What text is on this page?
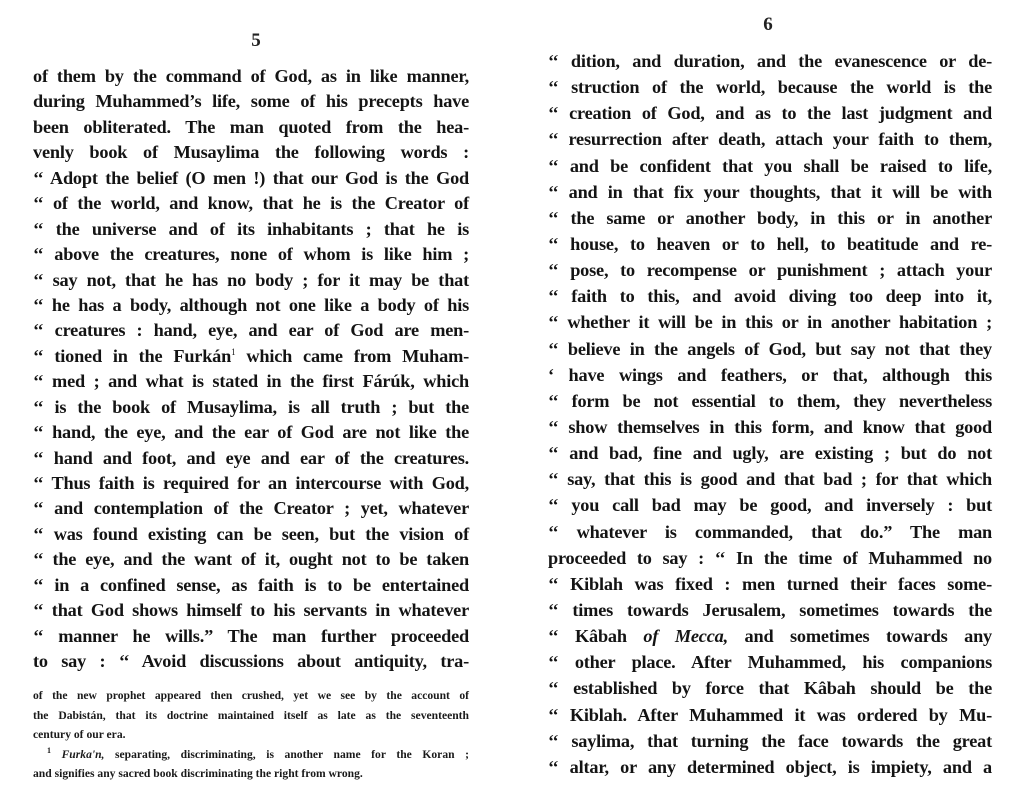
5
of them by the command of God, as in like manner,
during Muhammed’s life, some of his precepts have
been obliterated. The man quoted from the hea-
venly book of Musaylima the following words :
‘‘ Adopt the belief (O men !) that our God is the God
‘‘ of the world, and know, that he is the Creator of
‘‘ the universe and of its inhabitants ; that he is
‘‘ above the creatures, none of whom is like him ;
‘‘ say not, that he has no body ; for it may be that
‘‘ he has a body, although not one like a body of his
‘‘ creatures : hand, eye, and ear of God are men-
‘‘ tioned in the Furkán$^1$ which came from Muham-
‘‘ med ; and what is stated in the first Fárúk, which
‘‘ is the book of Musaylima, is all truth ; but the
‘‘ hand, the eye, and the ear of God are not like the
‘‘ hand and foot, and eye and ear of the creatures.
‘‘ Thus faith is required for an intercourse with God,
‘‘ and contemplation of the Creator ; yet, whatever
‘‘ was found existing can be seen, but the vision of
‘‘ the eye, and the want of it, ought not to be taken
‘‘ in a confined sense, as faith is to be entertained
‘‘ that God shows himself to his servants in whatever
‘‘ manner he wills.” The man further proceeded
to say : ‘‘ Avoid discussions about antiquity, tra-
of the new prophet appeared then crushed, yet we see by the account of
the Dabistán, that its doctrine maintained itself as late as the seventeenth
century of our era.
$^1$ Furka'n, separating, discriminating, is another name for the Koran ;
and signifies any sacred book discriminating the right from wrong.
6
‘‘ dition, and duration, and the evanescence or de-
‘‘ struction of the world, because the world is the
‘‘ creation of God, and as to the last judgment and
‘‘ resurrection after death, attach your faith to them,
‘‘ and be confident that you shall be raised to life,
‘‘ and in that fix your thoughts, that it will be with
‘‘ the same or another body, in this or in another
‘‘ house, to heaven or to hell, to beatitude and re-
‘‘ pose, to recompense or punishment ; attach your
‘‘ faith to this, and avoid diving too deep into it,
‘‘ whether it will be in this or in another habitation ;
‘‘ believe in the angels of God, but say not that they
‘ have wings and feathers, or that, although this
‘‘ form be not essential to them, they nevertheless
‘‘ show themselves in this form, and know that good
‘‘ and bad, fine and ugly, are existing ; but do not
‘‘ say, that this is good and that bad ; for that which
‘‘ you call bad may be good, and inversely : but
‘‘ whatever is commanded, that do.” The man
proceeded to say : ‘‘ In the time of Muhammed no
‘‘ Kiblah was fixed : men turned their faces some-
‘‘ times towards Jerusalem, sometimes towards the
‘‘ Kâbah of Mecca, and sometimes towards any
‘‘ other place. After Muhammed, his companions
‘‘ established by force that Kâbah should be the
‘‘ Kiblah. After Muhammed it was ordered by Mu-
‘‘ saylima, that turning the face towards the great
‘‘ altar, or any determined object, is impiety, and a
